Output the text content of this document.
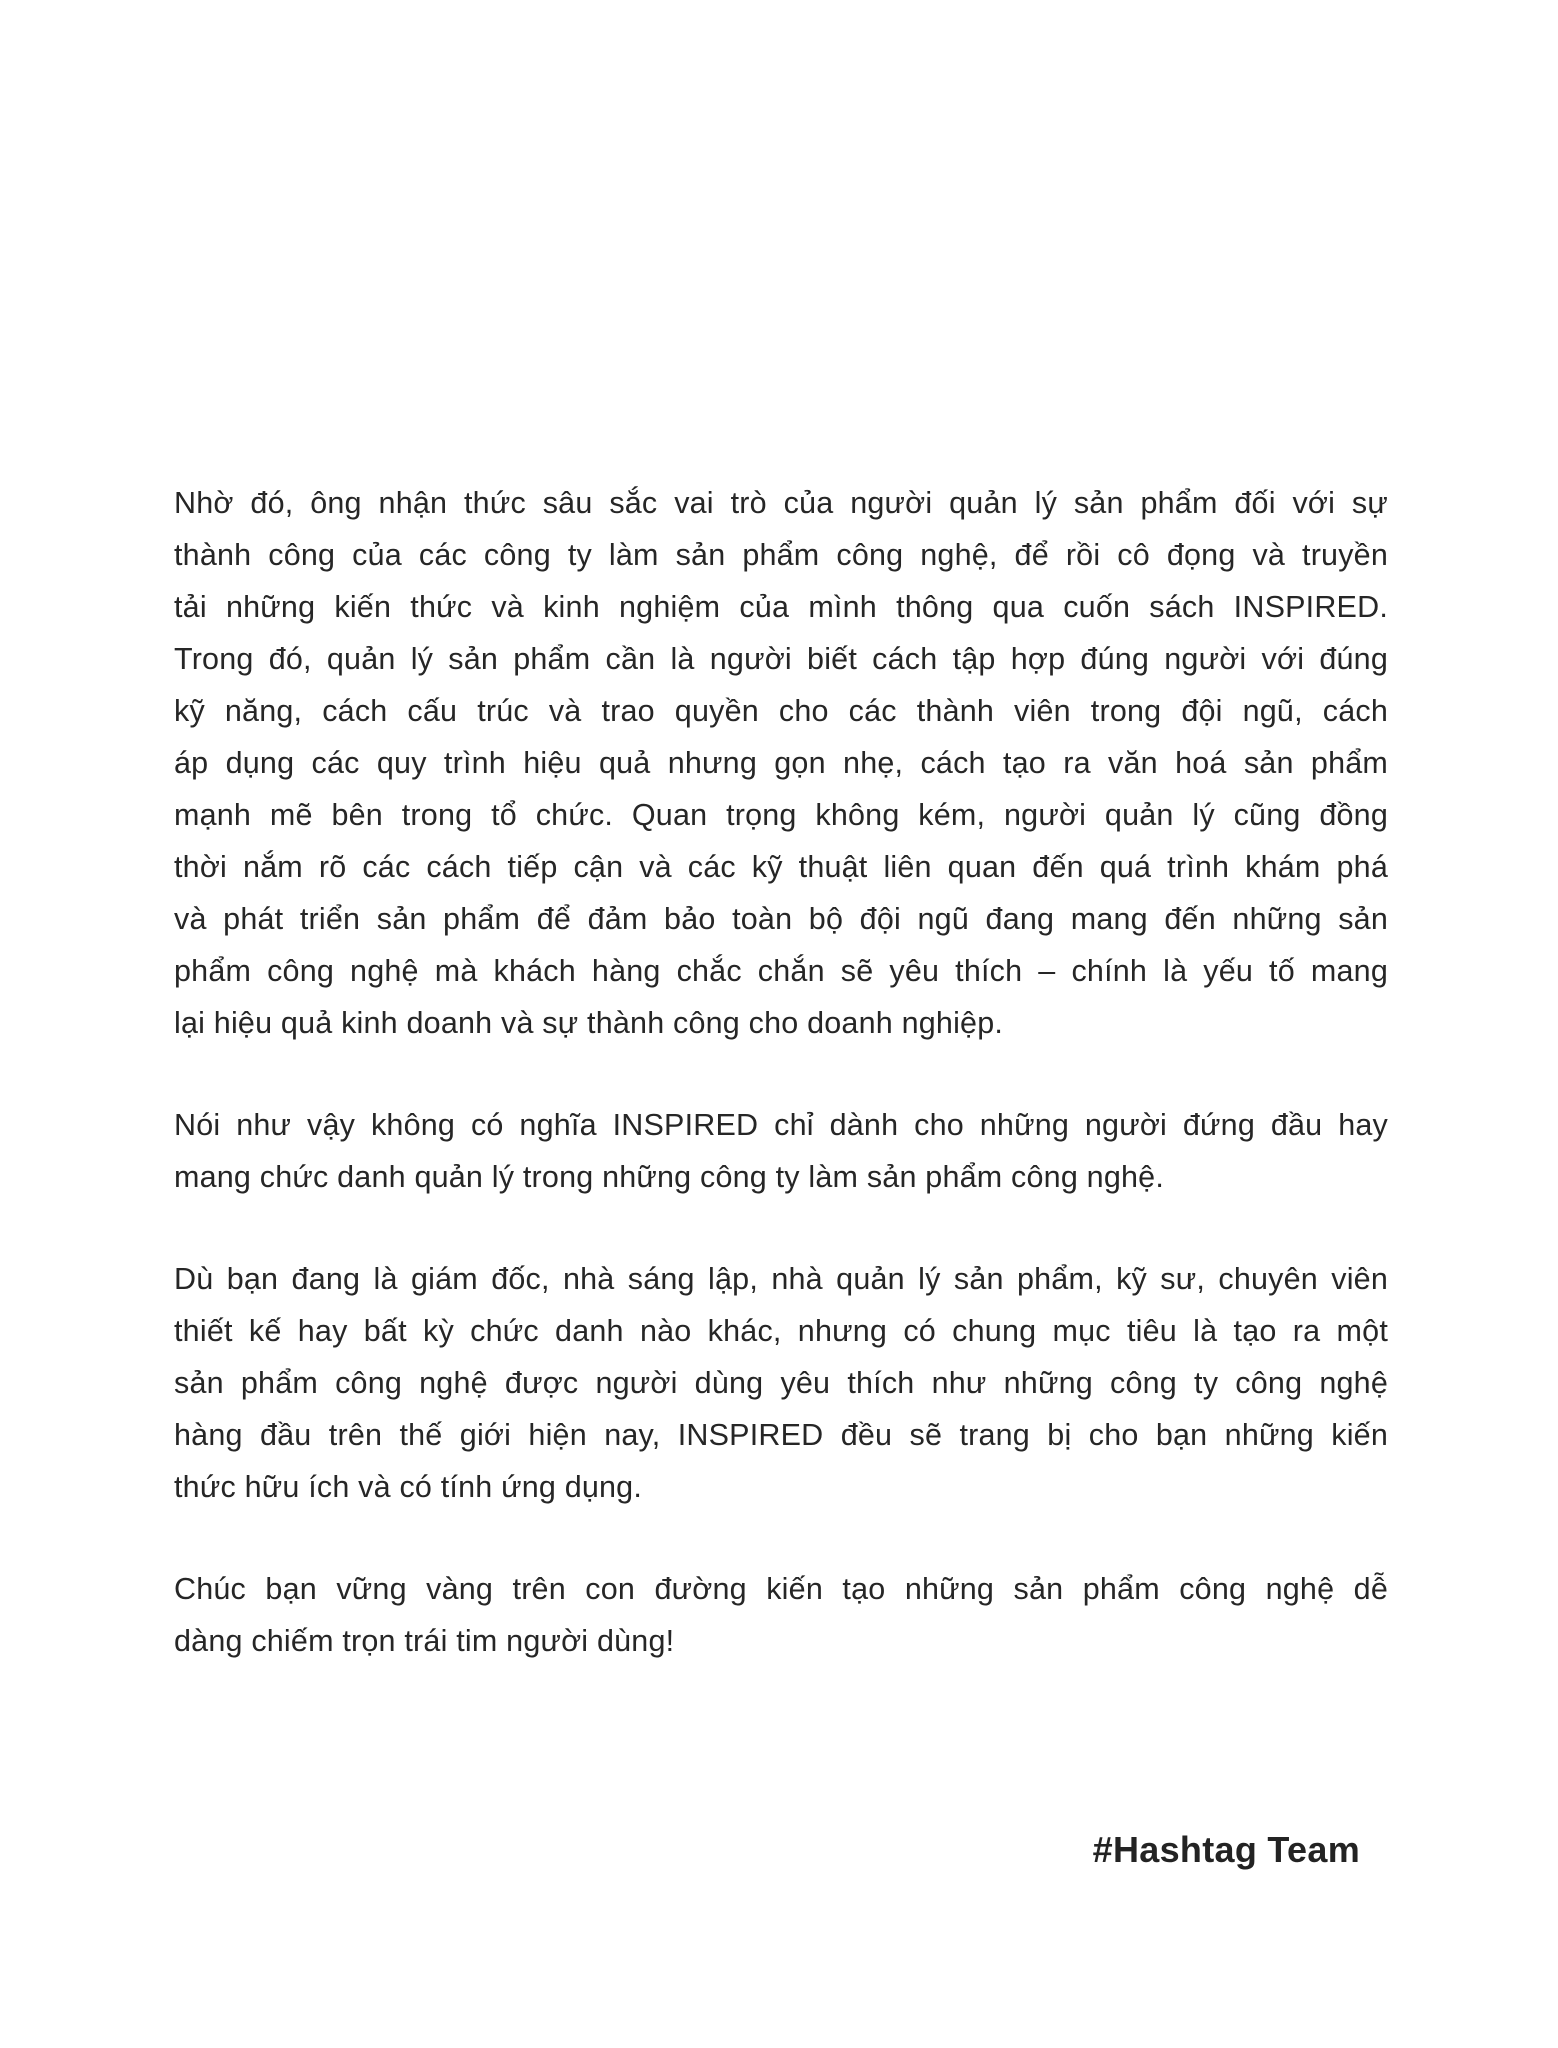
Nhờ đó, ông nhận thức sâu sắc vai trò của người quản lý sản phẩm đối với sự
thành công của các công ty làm sản phẩm công nghệ, để rồi cô đọng và truyền
tải những kiến thức và kinh nghiệm của mình thông qua cuốn sách INSPIRED.
Trong đó, quản lý sản phẩm cần là người biết cách tập hợp đúng người với đúng
kỹ năng, cách cấu trúc và trao quyền cho các thành viên trong đội ngũ, cách
áp dụng các quy trình hiệu quả nhưng gọn nhẹ, cách tạo ra văn hoá sản phẩm
mạnh mẽ bên trong tổ chức. Quan trọng không kém, người quản lý cũng đồng
thời nắm rõ các cách tiếp cận và các kỹ thuật liên quan đến quá trình khám phá
và phát triển sản phẩm để đảm bảo toàn bộ đội ngũ đang mang đến những sản
phẩm công nghệ mà khách hàng chắc chắn sẽ yêu thích – chính là yếu tố mang
lại hiệu quả kinh doanh và sự thành công cho doanh nghiệp.
Nói như vậy không có nghĩa INSPIRED chỉ dành cho những người đứng đầu hay
mang chức danh quản lý trong những công ty làm sản phẩm công nghệ.
Dù bạn đang là giám đốc, nhà sáng lập, nhà quản lý sản phẩm, kỹ sư, chuyên viên
thiết kế hay bất kỳ chức danh nào khác, nhưng có chung mục tiêu là tạo ra một
sản phẩm công nghệ được người dùng yêu thích như những công ty công nghệ
hàng đầu trên thế giới hiện nay, INSPIRED đều sẽ trang bị cho bạn những kiến
thức hữu ích và có tính ứng dụng.
Chúc bạn vững vàng trên con đường kiến tạo những sản phẩm công nghệ dễ
dàng chiếm trọn trái tim người dùng!
#Hashtag Team
